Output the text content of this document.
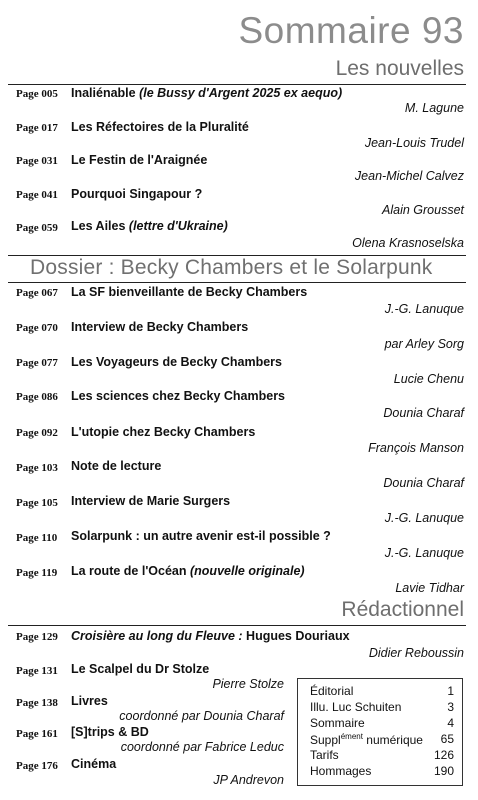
Sommaire 93
Les nouvelles
Page 005 Inaliénable (le Bussy d'Argent 2025 ex aequo)
M. Lagune
Page 017 Les Réfectoires de la Pluralité
Jean-Louis Trudel
Page 031 Le Festin de l'Araignée
Jean-Michel Calvez
Page 041 Pourquoi Singapour ?
Alain Grousset
Page 059 Les Ailes (lettre d'Ukraine)
Olena Krasnoselska
Dossier : Becky Chambers et le Solarpunk
Page 067 La SF bienveillante de Becky Chambers
J.-G. Lanuque
Page 070 Interview de Becky Chambers
par Arley Sorg
Page 077 Les Voyageurs de Becky Chambers
Lucie Chenu
Page 086 Les sciences chez Becky Chambers
Dounia Charaf
Page 092 L'utopie chez Becky Chambers
François Manson
Page 103 Note de lecture
Dounia Charaf
Page 105 Interview de Marie Surgers
J.-G. Lanuque
Page 110 Solarpunk : un autre avenir est-il possible ?
J.-G. Lanuque
Page 119 La route de l'Océan (nouvelle originale)
Lavie Tidhar
Rédactionnel
Page 129 Croisière au long du Fleuve : Hugues Douriaux
Didier Reboussin
Page 131 Le Scalpel du Dr Stolze
Pierre Stolze
Page 138 Livres
coordonné par Dounia Charaf
Page 161 [S]trips & BD
coordonné par Fabrice Leduc
Page 176 Cinéma
JP Andrevon
Éditorial	1
Illu. Luc Schuiten	3
Sommaire	4
Suppl$^{ément}$ numérique 65
Tarifs	126
Hommages	190
